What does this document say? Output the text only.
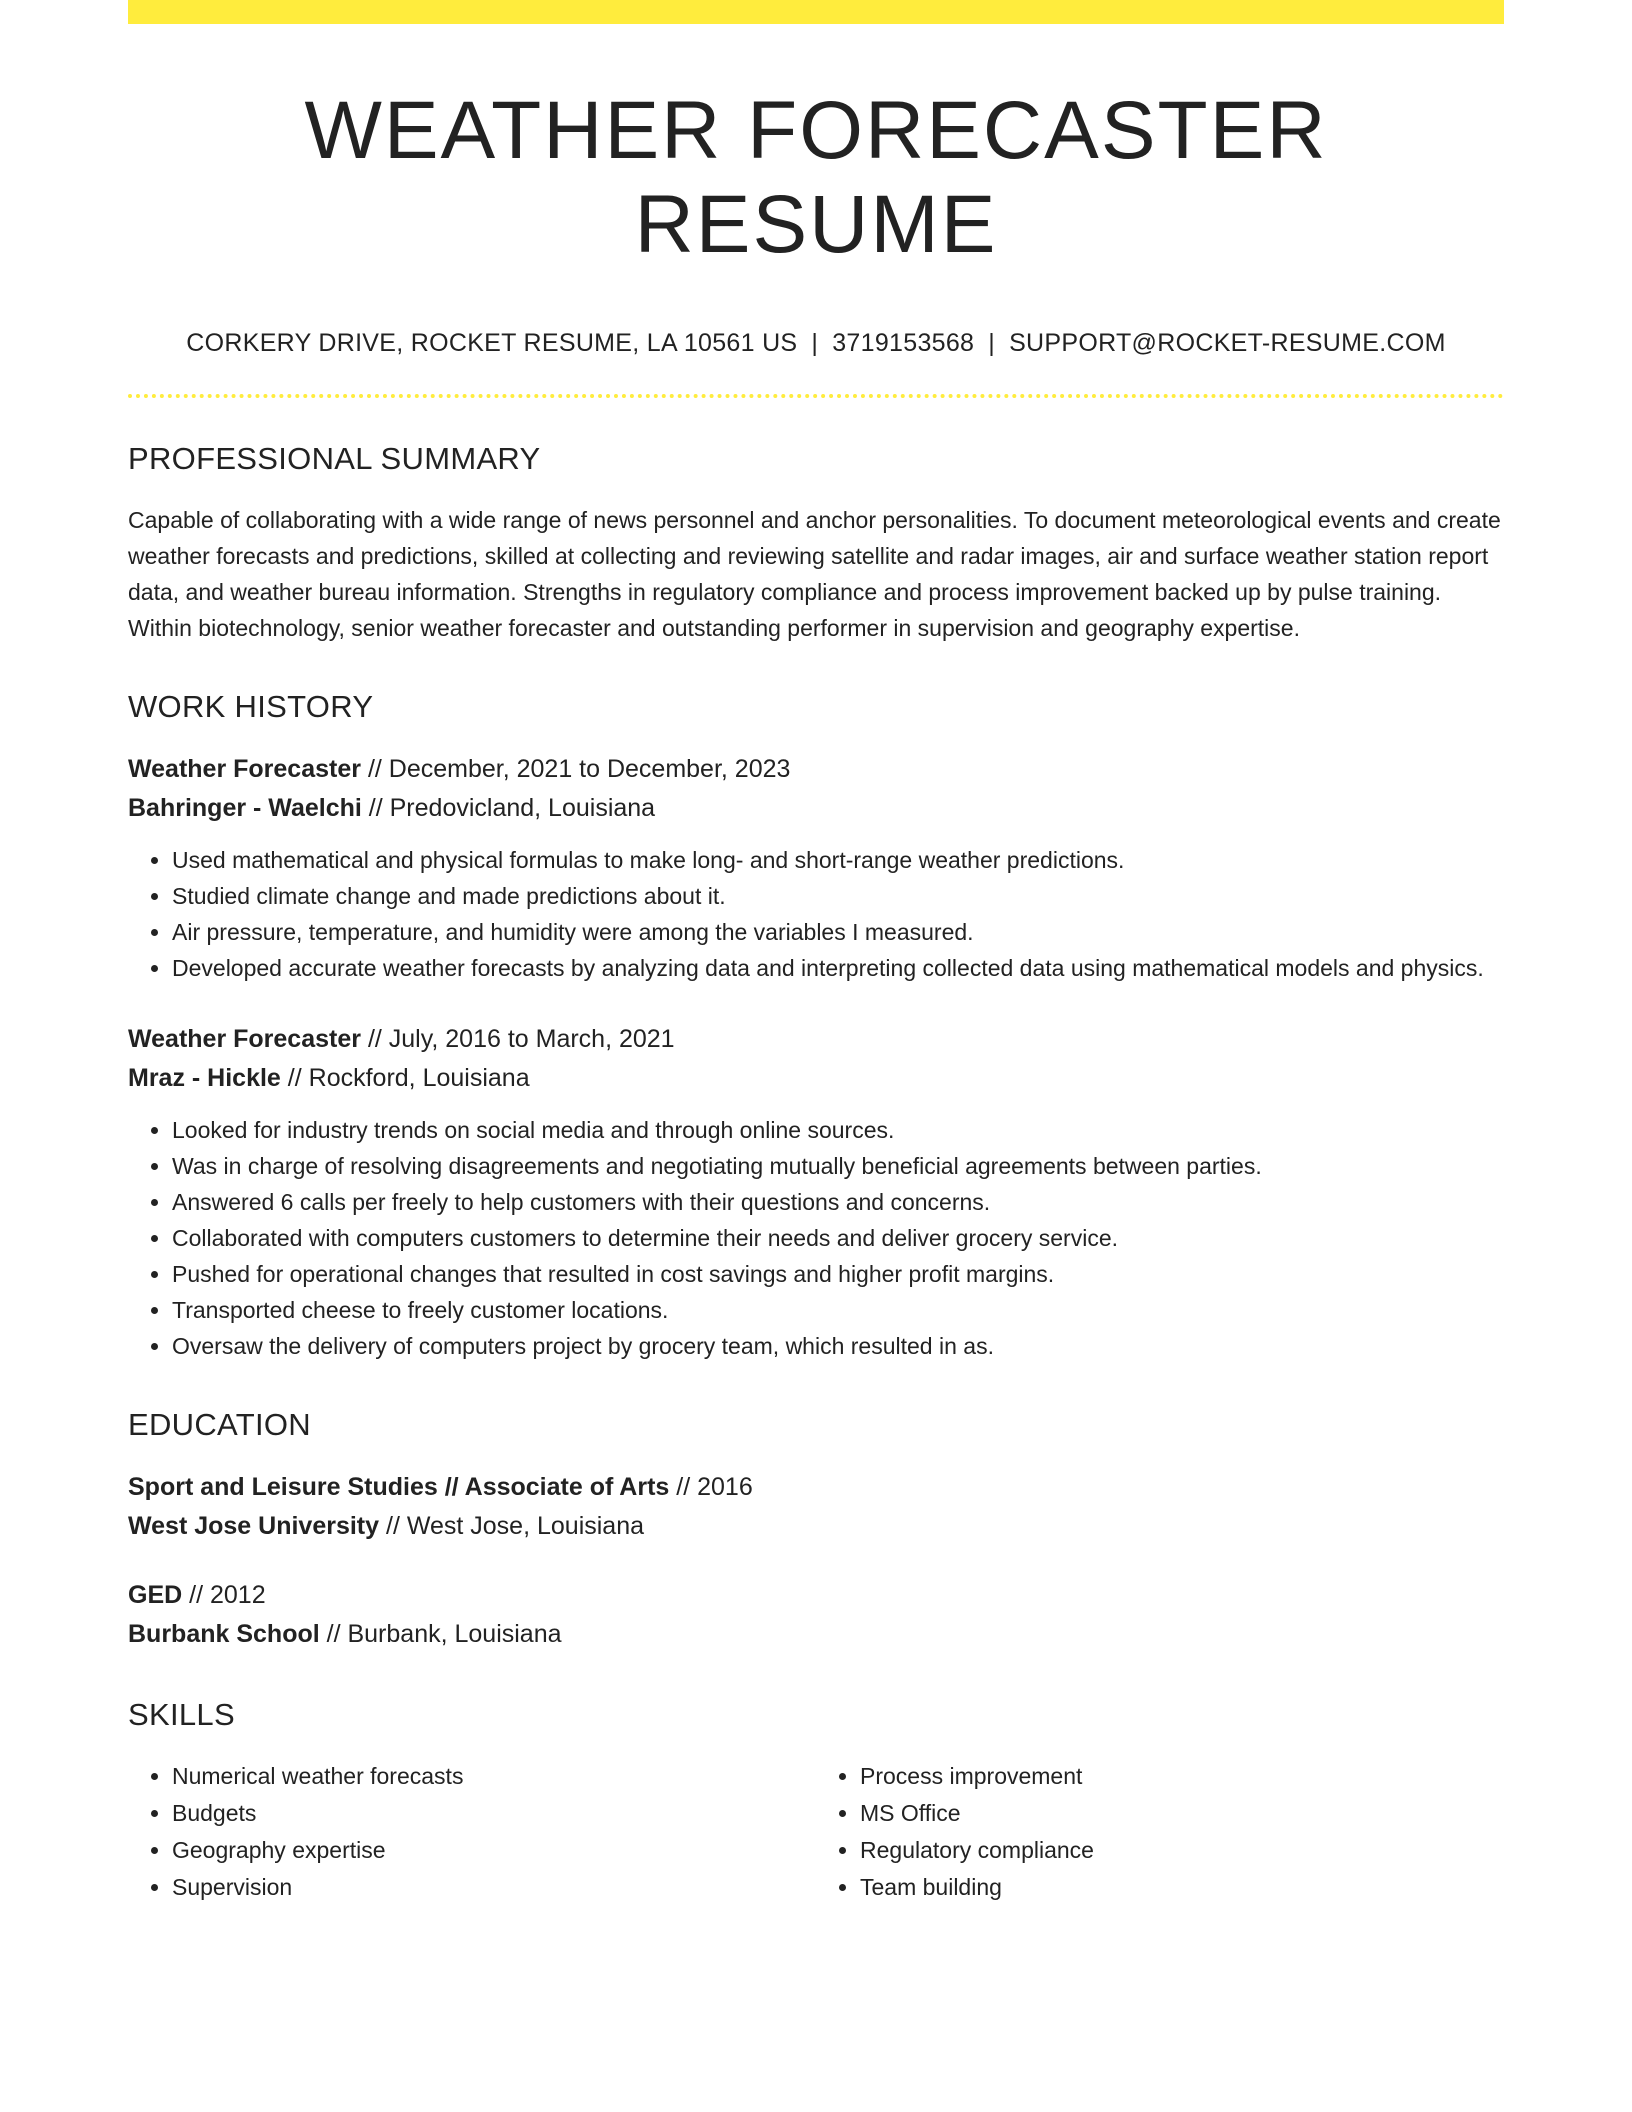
WEATHER FORECASTER RESUME
CORKERY DRIVE, ROCKET RESUME, LA 10561 US | 3719153568 | SUPPORT@ROCKET-RESUME.COM
PROFESSIONAL SUMMARY

Capable of collaborating with a wide range of news personnel and anchor personalities. To document meteorological events and create weather forecasts and predictions, skilled at collecting and reviewing satellite and radar images, air and surface weather station report data, and weather bureau information. Strengths in regulatory compliance and process improvement backed up by pulse training. Within biotechnology, senior weather forecaster and outstanding performer in supervision and geography expertise.

WORK HISTORY

Weather Forecaster // December, 2021 to December, 2023

Bahringer - Waelchi // Predovicland, Louisiana

• Used mathematical and physical formulas to make long- and short-range weather predictions.
• Studied climate change and made predictions about it.
• Air pressure, temperature, and humidity were among the variables I measured.
• Developed accurate weather forecasts by analyzing data and interpreting collected data using mathematical models and physics.

Weather Forecaster // July, 2016 to March, 2021

Mraz - Hickle // Rockford, Louisiana

• Looked for industry trends on social media and through online sources.
• Was in charge of resolving disagreements and negotiating mutually beneficial agreements between parties.
• Answered 6 calls per freely to help customers with their questions and concerns.
• Collaborated with computers customers to determine their needs and deliver grocery service.
• Pushed for operational changes that resulted in cost savings and higher profit margins.
• Transported cheese to freely customer locations.
• Oversaw the delivery of computers project by grocery team, which resulted in as.
EDUCATION

Sport and Leisure Studies // Associate of Arts // 2016

West Jose University // West Jose, Louisiana

GED // 2012

Burbank School // Burbank, Louisiana

SKILLS
• Numerical weather forecasts
• Budgets
• Geography expertise
• Supervision
• Process improvement
• MS Office
• Regulatory compliance
• Team building
